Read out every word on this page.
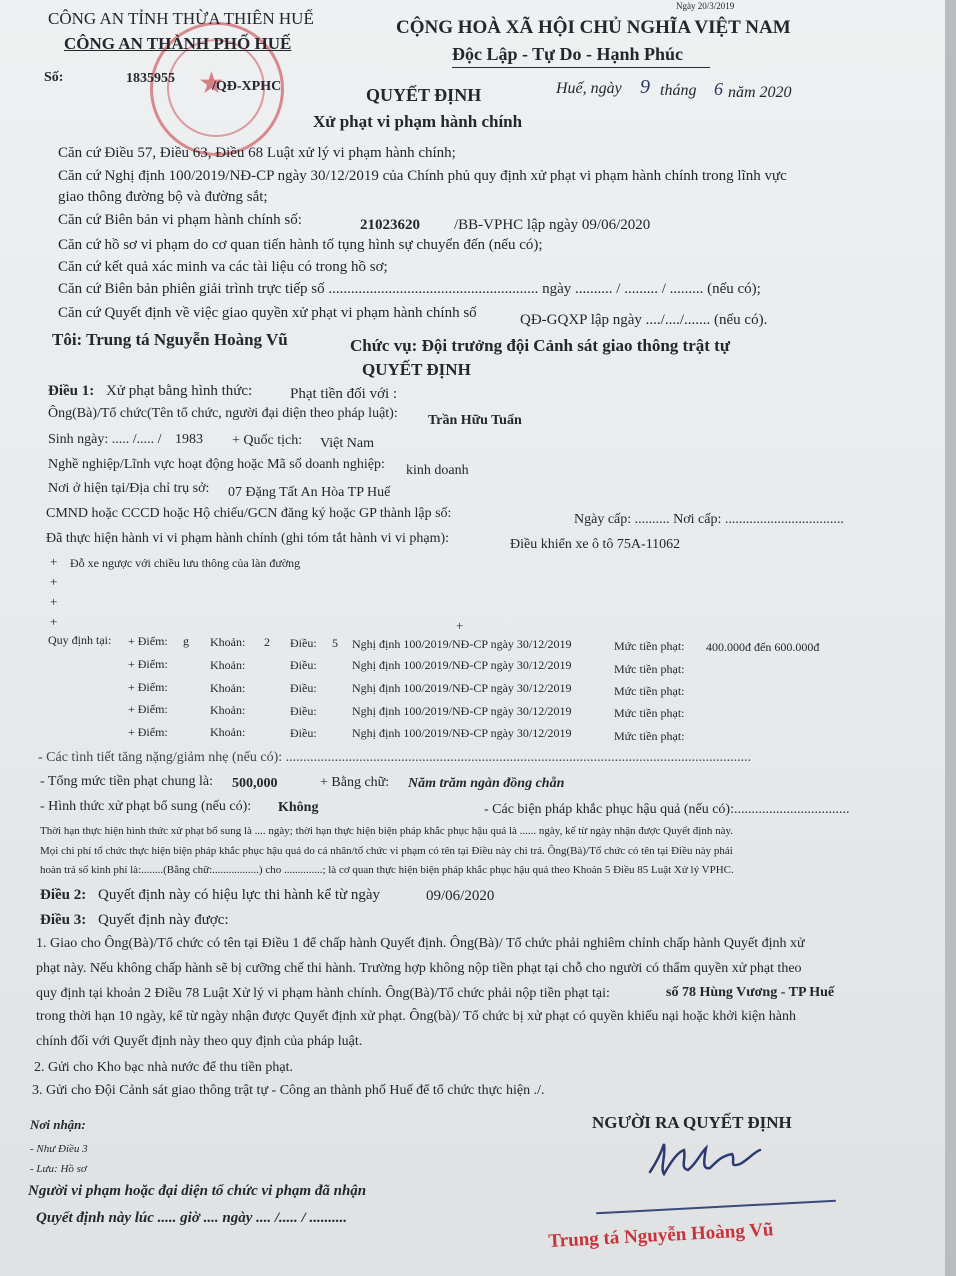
★
CÔNG AN TỈNH THỪA THIÊN HUẾ
CÔNG AN THÀNH PHỐ HUẾ
Số:	1835955
/QĐ-XPHC
Ngày 20/3/2019
CỘNG HOÀ XÃ HỘI CHỦ NGHĨA VIỆT NAM
Độc Lập - Tự Do - Hạnh Phúc
Huế, ngày 9 tháng 6 năm 2020
QUYẾT ĐỊNH
Xử phạt vi phạm hành chính
Căn cứ Điều 57, Điều 63, Điều 68 Luật xử lý vi phạm hành chính;
Căn cứ Nghị định 100/2019/NĐ-CP ngày 30/12/2019 của Chính phủ quy định xử phạt vi phạm hành chính trong lĩnh vực
giao thông đường bộ và đường sắt;
Căn cứ Biên bản vi phạm hành chính số:	21023620 /BB-VPHC lập ngày 09/06/2020
Căn cứ hồ sơ vi phạm do cơ quan tiến hành tố tụng hình sự chuyển đến (nếu có);
Căn cứ kết quả xác minh va các tài liệu có trong hồ sơ;
Căn cứ Biên bản phiên giải trình trực tiếp số ........................................................ ngày .......... / ......... / ......... (nếu có);
Căn cứ Quyết định về việc giao quyền xử phạt vi phạm hành chính số	QĐ-GQXP lập ngày ..../..../....... (nếu có).
Tôi: Trung tá Nguyễn Hoàng Vũ	Chức vụ: Đội trưởng đội Cảnh sát giao thông trật tự
QUYẾT ĐỊNH
Điều 1: Xử phạt bằng hình thức:	Phạt tiền đối với :
Ông(Bà)/Tổ chức(Tên tổ chức, người đại diện theo pháp luật): Trần Hữu Tuấn
Sinh ngày: ..... /..... / 1983 + Quốc tịch: Việt Nam
Nghề nghiệp/Lĩnh vực hoạt động hoặc Mã số doanh nghiệp: kinh doanh
Nơi ở hiện tại/Địa chỉ trụ sở: 07 Đặng Tất An Hòa TP Huế
CMND hoặc CCCD hoặc Hộ chiếu/GCN đăng ký hoặc GP thành lập số:	Ngày cấp: .......... Nơi cấp: ..................................
Đã thực hiện hành vi vi phạm hành chính (ghi tóm tắt hành vi vi phạm):	Điều khiển xe ô tô 75A-11062
+ Đỗ xe ngược với chiều lưu thông của làn đường
+
+
+	+
Quy định tại: + Điểm: g Khoản: 2 Điều: 5 Nghị định 100/2019/NĐ-CP ngày 30/12/2019	Mức tiền phạt: 400.000đ đến 600.000đ
+ Điểm:	Khoản:	Điều:	Nghị định 100/2019/NĐ-CP ngày 30/12/2019	Mức tiền phạt:
+ Điểm:	Khoản:	Điều:	Nghị định 100/2019/NĐ-CP ngày 30/12/2019	Mức tiền phạt:
+ Điểm:	Khoản:	Điều:	Nghị định 100/2019/NĐ-CP ngày 30/12/2019	Mức tiền phạt:
+ Điểm:	Khoản:	Điều:	Nghị định 100/2019/NĐ-CP ngày 30/12/2019	Mức tiền phạt:
- Các tình tiết tăng nặng/giảm nhẹ (nếu có): .....................................................................................................................................
- Tổng mức tiền phạt chung là: 500,000	+ Bằng chữ: Năm trăm ngàn đồng chẵn
- Hình thức xử phạt bổ sung (nếu có): Không	- Các biện pháp khắc phục hậu quả (nếu có):.................................
Thời hạn thực hiện hình thức xử phạt bổ sung là .... ngày; thời hạn thực hiện biện pháp khắc phục hậu quả là ...... ngày, kể từ ngày nhận được Quyết định này.
Mọi chi phí tổ chức thực hiện biện pháp khắc phục hậu quả do cá nhân/tổ chức vi phạm có tên tại Điều này chi trả. Ông(Bà)/Tổ chức có tên tại Điều này phải
hoàn trả số kinh phí là:........(Bằng chữ:.................) cho ..............; là cơ quan thực hiện biện pháp khắc phục hậu quả theo Khoản 5 Điều 85 Luật Xử lý VPHC.
Điều 2: Quyết định này có hiệu lực thi hành kể từ ngày	09/06/2020
Điều 3: Quyết định này được:
1. Giao cho Ông(Bà)/Tổ chức có tên tại Điều 1 để chấp hành Quyết định. Ông(Bà)/ Tổ chức phải nghiêm chỉnh chấp hành Quyết định xử
phạt này. Nếu không chấp hành sẽ bị cưỡng chế thi hành. Trường hợp không nộp tiền phạt tại chỗ cho người có thẩm quyền xử phạt theo
quy định tại khoản 2 Điều 78 Luật Xử lý vi phạm hành chính. Ông(Bà)/Tổ chức phải nộp tiền phạt tại:	số 78 Hùng Vương - TP Huế
trong thời hạn 10 ngày, kể từ ngày nhận được Quyết định xử phạt. Ông(bà)/ Tổ chức bị xử phạt có quyền khiếu nại hoặc khởi kiện hành
chính đối với Quyết định này theo quy định của pháp luật.
2. Gửi cho Kho bạc nhà nước để thu tiền phạt.
3. Gửi cho Đội Cảnh sát giao thông trật tự - Công an thành phố Huế để tổ chức thực hiện ./.
Nơi nhận:
- Như Điều 3
- Lưu: Hồ sơ
Người vi phạm hoặc đại diện tổ chức vi phạm đã nhận
Quyết định này lúc ..... giờ .... ngày .... /..... / ..........
NGƯỜI RA QUYẾT ĐỊNH
Trung tá Nguyễn Hoàng Vũ
